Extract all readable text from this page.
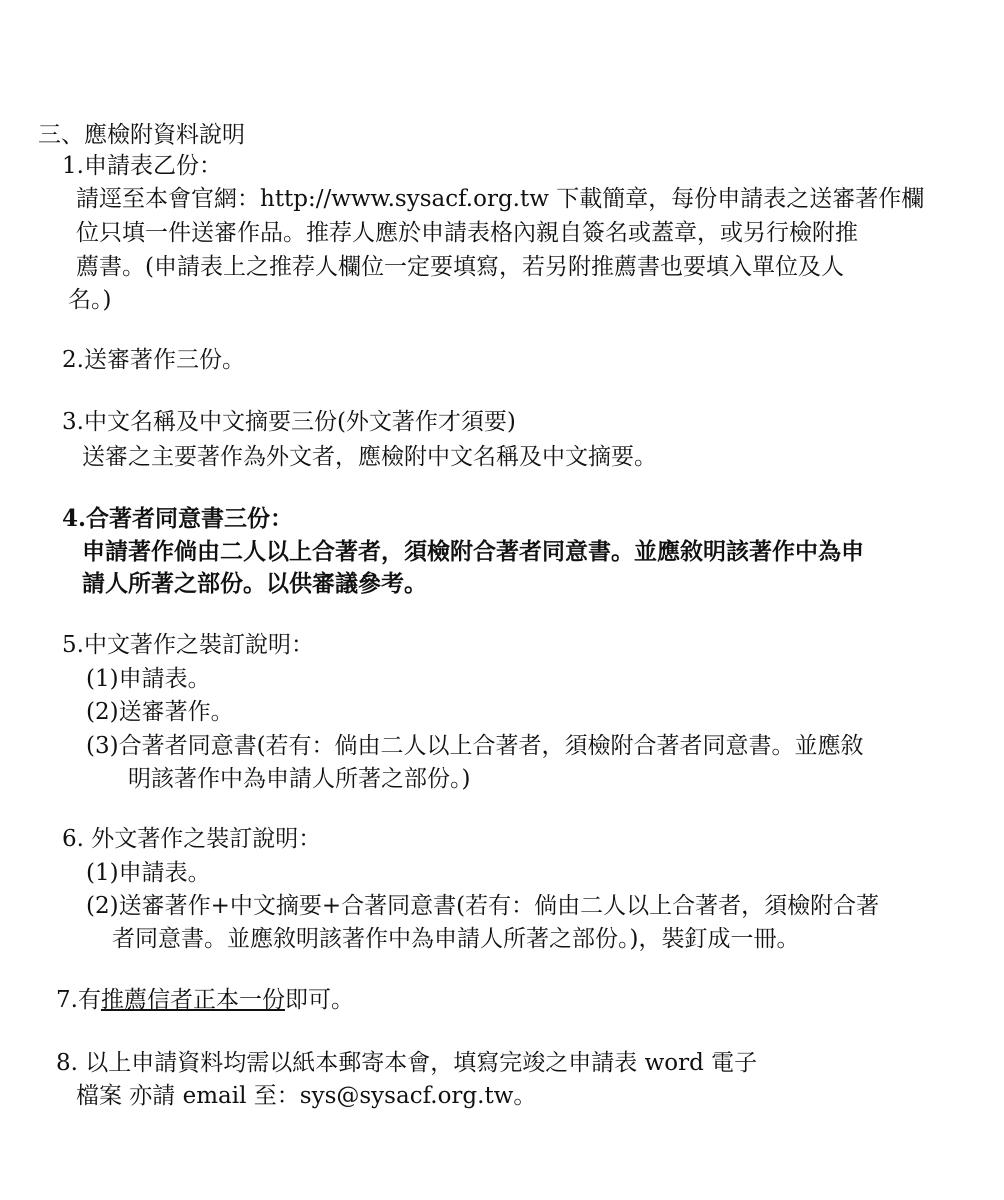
三、應檢附資料說明

1.申請表乙份：

請逕至本會官網：http://www.sysacf.org.tw 下載簡章，每份申請表之送審著作欄

位只填一件送審作品。推荐人應於申請表格內親自簽名或蓋章，或另行檢附推

薦書。(申請表上之推荐人欄位一定要填寫，若另附推薦書也要填入單位及人

名。)

2.送審著作三份。

3.中文名稱及中文摘要三份(外文著作才須要)

送審之主要著作為外文者，應檢附中文名稱及中文摘要。

4.合著者同意書三份：

申請著作倘由二人以上合著者，須檢附合著者同意書。並應敘明該著作中為申

請人所著之部份。以供審議參考。

5.中文著作之裝訂說明：

(1)申請表。

(2)送審著作。

(3)合著者同意書(若有：倘由二人以上合著者，須檢附合著者同意書。並應敘

明該著作中為申請人所著之部份。)

6. 外文著作之裝訂說明：

(1)申請表。

(2)送審著作+中文摘要+合著同意書(若有：倘由二人以上合著者，須檢附合著

者同意書。並應敘明該著作中為申請人所著之部份。)，裝釘成一冊。

7.有推薦信者正本一份即可。

8. 以上申請資料均需以紙本郵寄本會，填寫完竣之申請表 word 電子

檔案 亦請 email 至：sys@sysacf.org.tw。
